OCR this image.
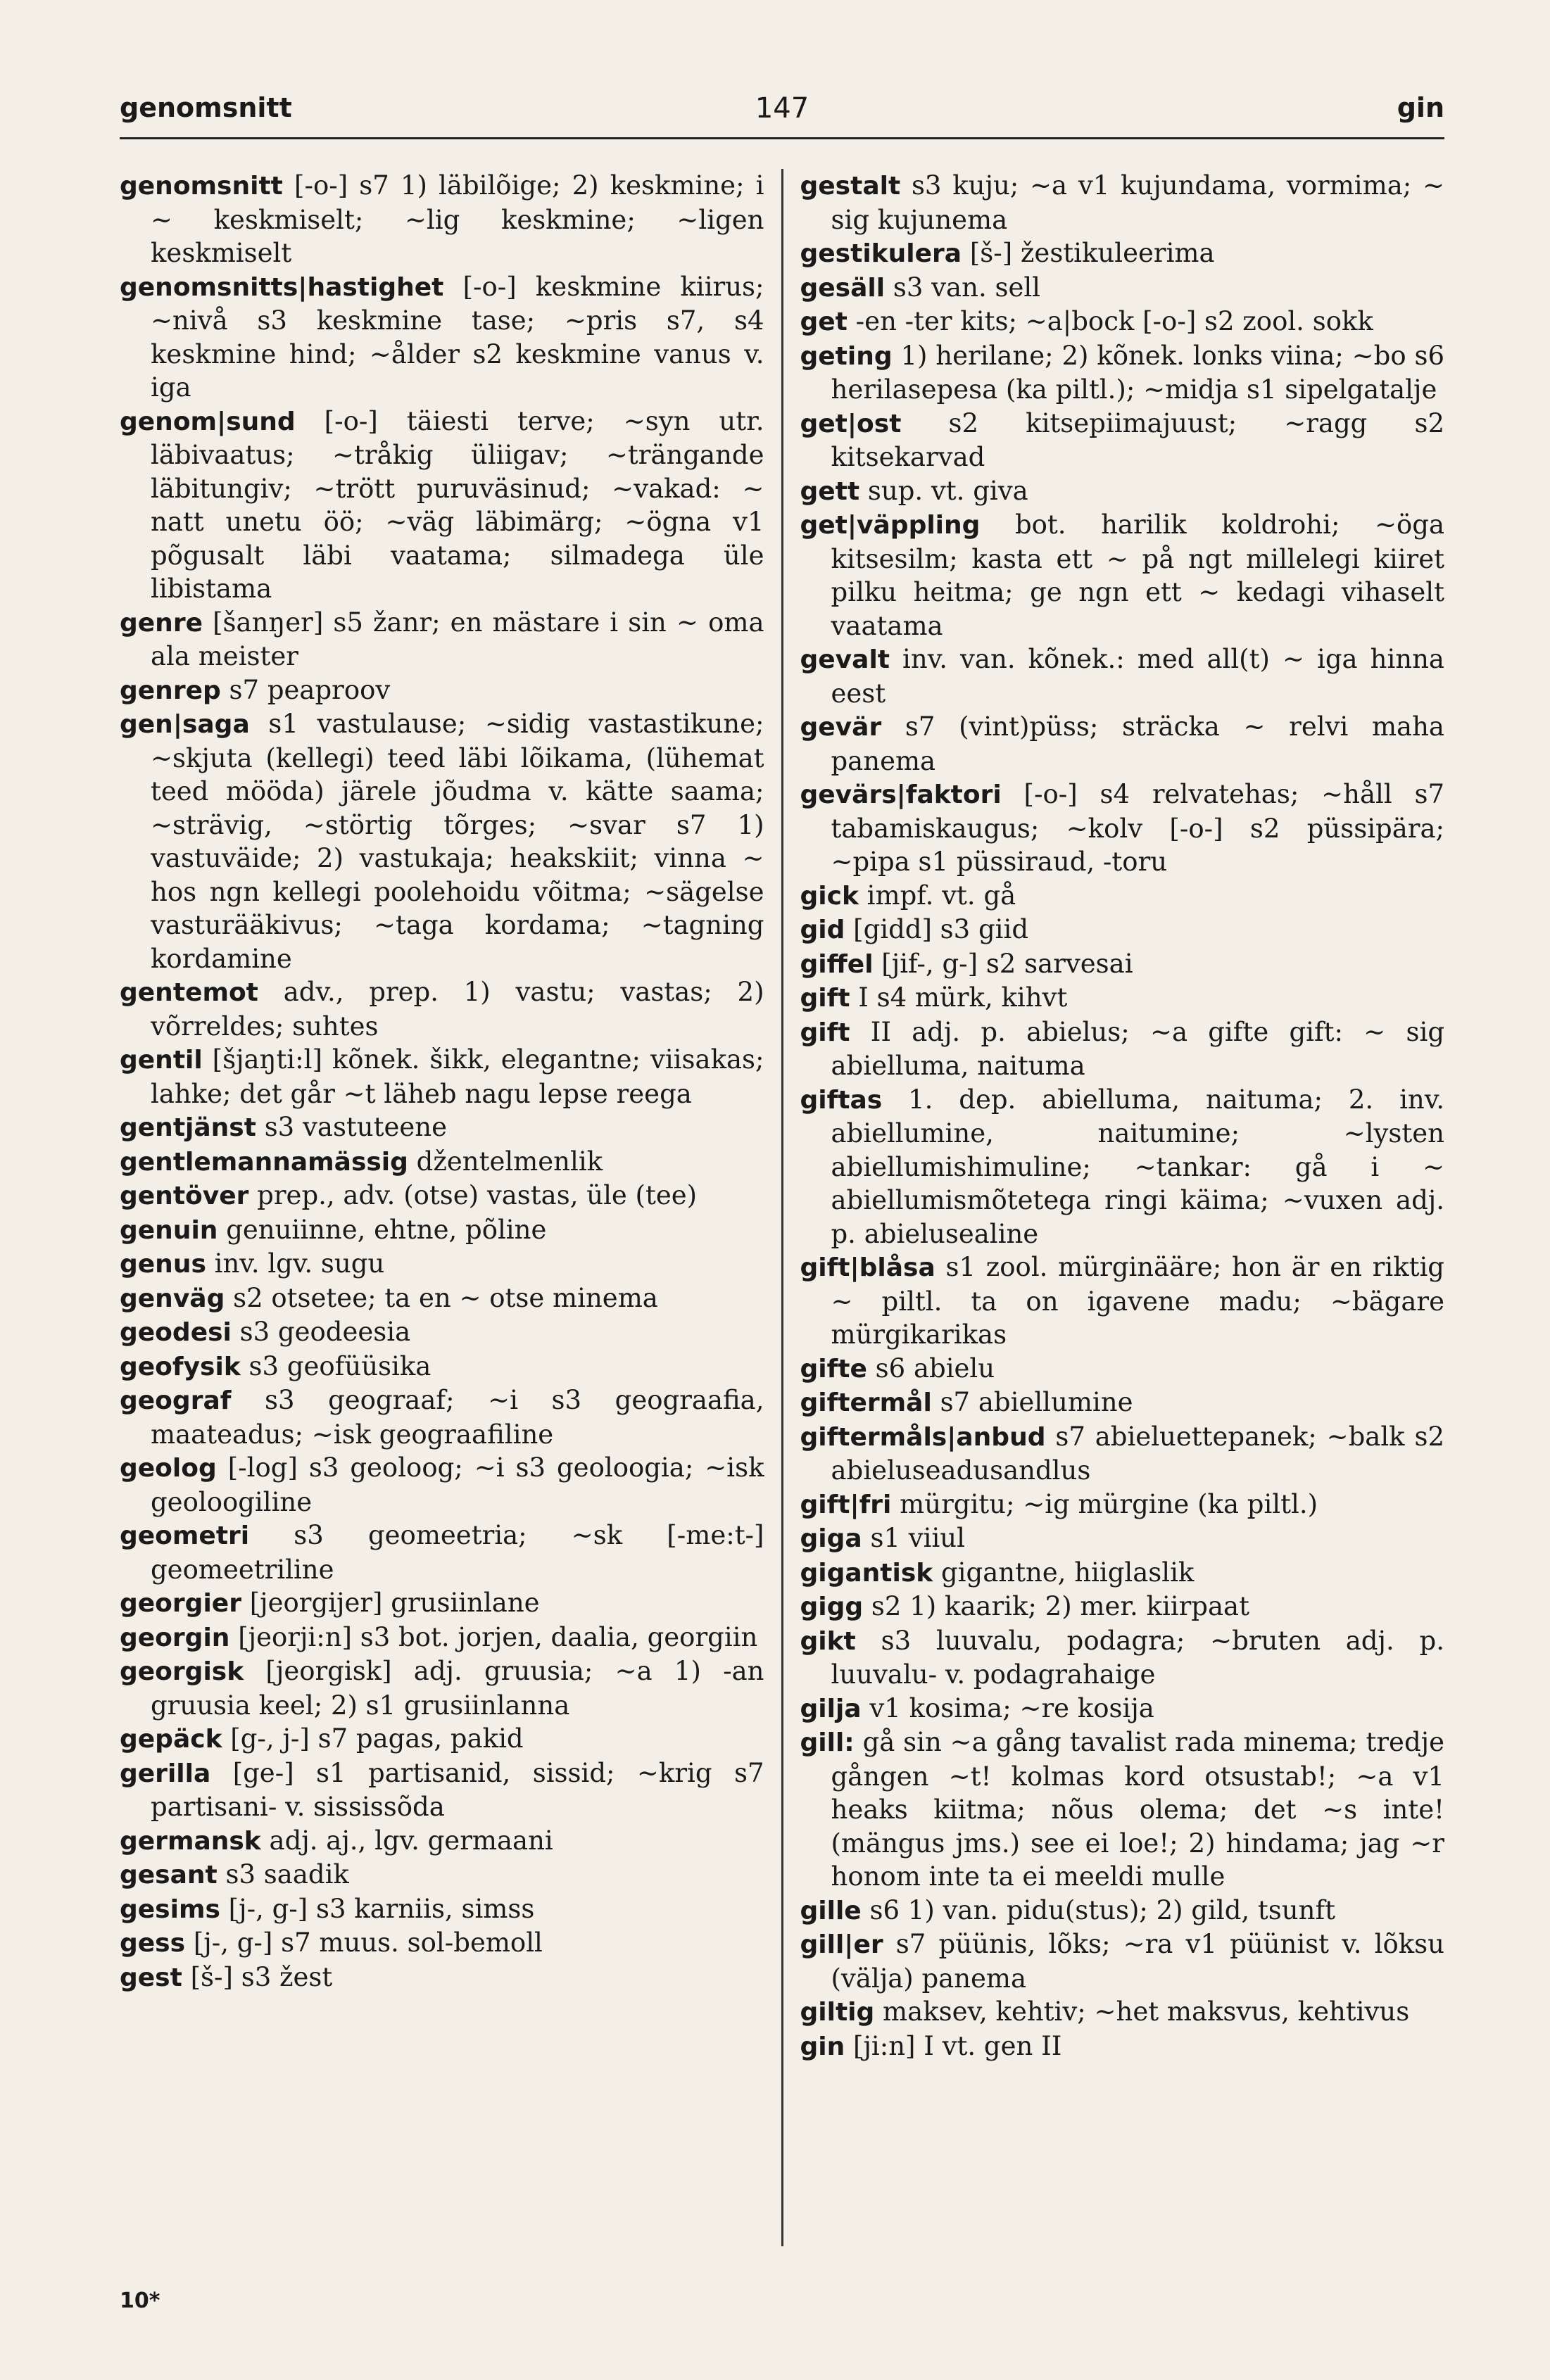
genomsnitt	147	gin

genomsnitt [-o-] s7 1) läbilõige; 2) keskmine; i ~ keskmiselt; ~lig keskmine; ~ligen keskmiselt

genomsnitts|hastighet [-o-] keskmine kiirus; ~nivå s3 keskmine tase; ~pris s7, s4 keskmine hind; ~ålder s2 keskmine vanus v. iga

genom|sund [-o-] täiesti terve; ~syn utr. läbivaatus; ~tråkig üliigav; ~trängande läbitungiv; ~trött puruväsinud; ~vakad: ~ natt unetu öö; ~väg läbimärg; ~ögna v1 põgusalt läbi vaatama; silmadega üle libistama

genre [šanŋer] s5 žanr; en mästare i sin ~ oma ala meister

genrep s7 peaproov

gen|saga s1 vastulause; ~sidig vastastikune; ~skjuta (kellegi) teed läbi lõikama, (lühemat teed mööda) järele jõudma v. kätte saama; ~strävig, ~störtig tõrges; ~svar s7 1) vastuväide; 2) vastukaja; heakskiit; vinna ~ hos ngn kellegi poolehoidu võitma; ~sägelse vasturääkivus; ~taga kordama; ~tagning kordamine

gentemot adv., prep. 1) vastu; vastas; 2) võrreldes; suhtes

gentil [šjaŋti:l] kõnek. šikk, elegantne; viisakas; lahke; det går ~t läheb nagu lepse reega

gentjänst s3 vastuteene

gentlemannamässig džentelmenlik

gentöver prep., adv. (otse) vastas, üle (tee)

genuin genuiinne, ehtne, põline

genus inv. lgv. sugu

genväg s2 otsetee; ta en ~ otse minema

geodesi s3 geodeesia

geofysik s3 geofüüsika

geograf s3 geograaf; ~i s3 geograafia, maateadus; ~isk geograafiline

geolog [-log] s3 geoloog; ~i s3 geoloogia; ~isk geoloogiline

geometri s3 geomeetria; ~sk [-me:t-] geomeetriline

georgier [jeorgijer] grusiinlane

georgin [jeorji:n] s3 bot. jorjen, daalia, georgiin

georgisk [jeorgisk] adj. gruusia; ~a 1) -an gruusia keel; 2) s1 grusiinlanna

gepäck [g-, j-] s7 pagas, pakid

gerilla [ge-] s1 partisanid, sissid; ~krig s7 partisani- v. sississõda

germansk adj. aj., lgv. germaani

gesant s3 saadik

gesims [j-, g-] s3 karniis, simss

gess [j-, g-] s7 muus. sol-bemoll

gest [š-] s3 žest

gestalt s3 kuju; ~a v1 kujundama, vormima; ~ sig kujunema

gestikulera [š-] žestikuleerima

gesäll s3 van. sell

get -en -ter kits; ~a|bock [-o-] s2 zool. sokk

geting 1) herilane; 2) kõnek. lonks viina; ~bo s6 herilasepesa (ka piltl.); ~midja s1 sipelgatalje

get|ost s2 kitsepiimajuust; ~ragg s2 kitsekarvad

gett sup. vt. giva

get|väppling bot. harilik koldrohi; ~öga kitsesilm; kasta ett ~ på ngt millelegi kiiret pilku heitma; ge ngn ett ~ kedagi vihaselt vaatama

gevalt inv. van. kõnek.: med all(t) ~ iga hinna eest

gevär s7 (vint)püss; sträcka ~ relvi maha panema

gevärs|faktori [-o-] s4 relvatehas; ~håll s7 tabamiskaugus; ~kolv [-o-] s2 püssipära; ~pipa s1 püssiraud, -toru

gick impf. vt. gå

gid [gidd] s3 giid

giffel [jif-, g-] s2 sarvesai

gift I s4 mürk, kihvt

gift II adj. p. abielus; ~a gifte gift: ~ sig abielluma, naituma

giftas 1. dep. abielluma, naituma; 2. inv. abiellumine, naitumine; ~lysten abiellumishimuline; ~tankar: gå i ~ abiellumismõtetega ringi käima; ~vuxen adj. p. abielusealine

gift|blåsa s1 zool. mürginääre; hon är en riktig ~ piltl. ta on igavene madu; ~bägare mürgikarikas

gifte s6 abielu

giftermål s7 abiellumine

giftermåls|anbud s7 abieluettepanek; ~balk s2 abieluseadusandlus

gift|fri mürgitu; ~ig mürgine (ka piltl.)

giga s1 viiul

gigantisk gigantne, hiiglaslik

gigg s2 1) kaarik; 2) mer. kiirpaat

gikt s3 luuvalu, podagra; ~bruten adj. p. luuvalu- v. podagrahaige

gilja v1 kosima; ~re kosija

gill: gå sin ~a gång tavalist rada minema; tredje gången ~t! kolmas kord otsustab!; ~a v1 heaks kiitma; nõus olema; det ~s inte! (mängus jms.) see ei loe!; 2) hindama; jag ~r honom inte ta ei meeldi mulle

gille s6 1) van. pidu(stus); 2) gild, tsunft

gill|er s7 püünis, lõks; ~ra v1 püünist v. lõksu (välja) panema

giltig maksev, kehtiv; ~het maksvus, kehtivus

gin [ji:n] I vt. gen II

10*
